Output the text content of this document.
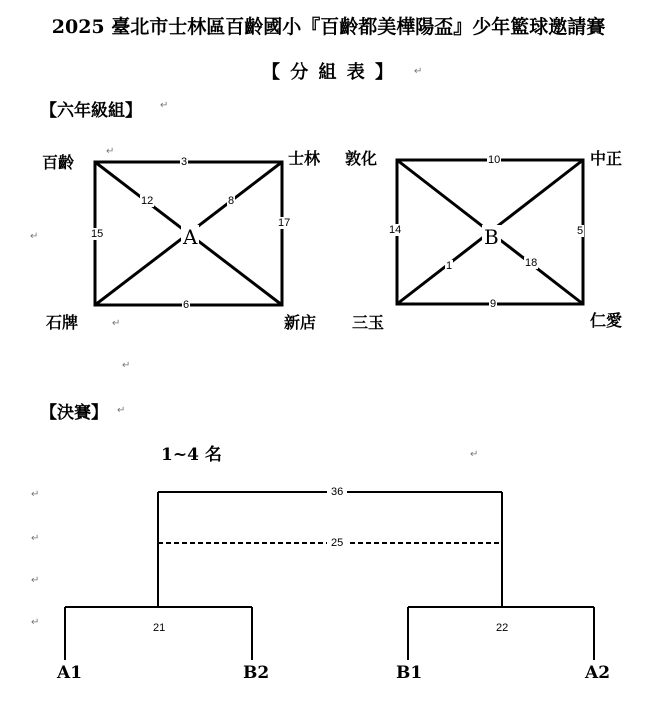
2025 臺北市士林區百齡國小『百齡都美樺陽盃』少年籃球邀請賽
【 分 組 表 】
【六年級組】
百齡	士林
石牌	新店
A
3
15
17
6
12	8
敦化	中正
三玉	仁愛
B
10
14	5
9
1	18
【決賽】
1~4 名
36
25
21	22
A1	B2	B1	A2
↵
↵
↵
↵
↵
↵
↵
↵
↵
↵
↵
↵
